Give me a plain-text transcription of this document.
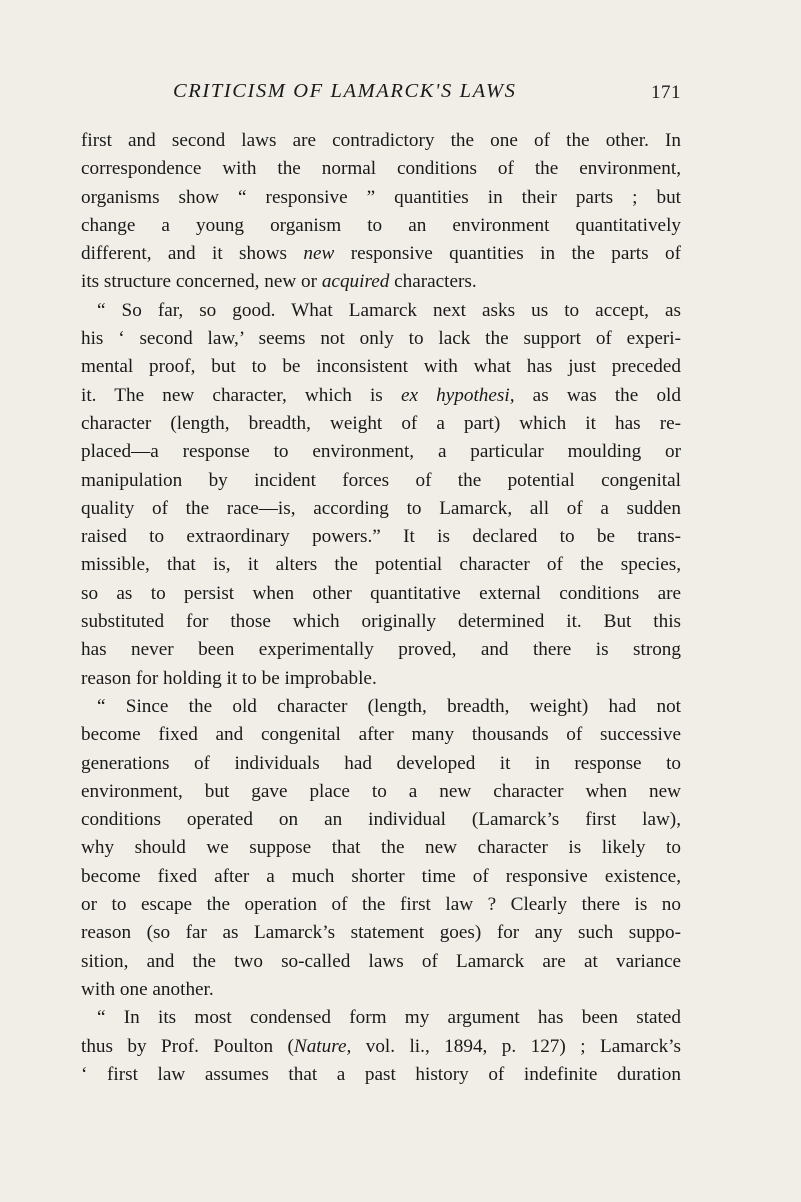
CRITICISM OF LAMARCK'S LAWS	171
first and second laws are contradictory the one of the other. In
correspondence with the normal conditions of the environment,
organisms show “ responsive ” quantities in their parts ; but
change a young organism to an environment quantitatively
different, and it shows new responsive quantities in the parts of
its structure concerned, new or acquired characters.
“ So far, so good. What Lamarck next asks us to accept, as
his ‘ second law,’ seems not only to lack the support of experi-
mental proof, but to be inconsistent with what has just preceded
it. The new character, which is ex hypothesi, as was the old
character (length, breadth, weight of a part) which it has re-
placed—a response to environment, a particular moulding or
manipulation by incident forces of the potential congenital
quality of the race—is, according to Lamarck, all of a sudden
raised to extraordinary powers.” It is declared to be trans-
missible, that is, it alters the potential character of the species,
so as to persist when other quantitative external conditions are
substituted for those which originally determined it. But this
has never been experimentally proved, and there is strong
reason for holding it to be improbable.
“ Since the old character (length, breadth, weight) had not
become fixed and congenital after many thousands of successive
generations of individuals had developed it in response to
environment, but gave place to a new character when new
conditions operated on an individual (Lamarck’s first law),
why should we suppose that the new character is likely to
become fixed after a much shorter time of responsive existence,
or to escape the operation of the first law ? Clearly there is no
reason (so far as Lamarck’s statement goes) for any such suppo-
sition, and the two so-called laws of Lamarck are at variance
with one another.
“ In its most condensed form my argument has been stated
thus by Prof. Poulton (Nature, vol. li., 1894, p. 127) ; Lamarck’s
‘ first law assumes that a past history of indefinite duration
